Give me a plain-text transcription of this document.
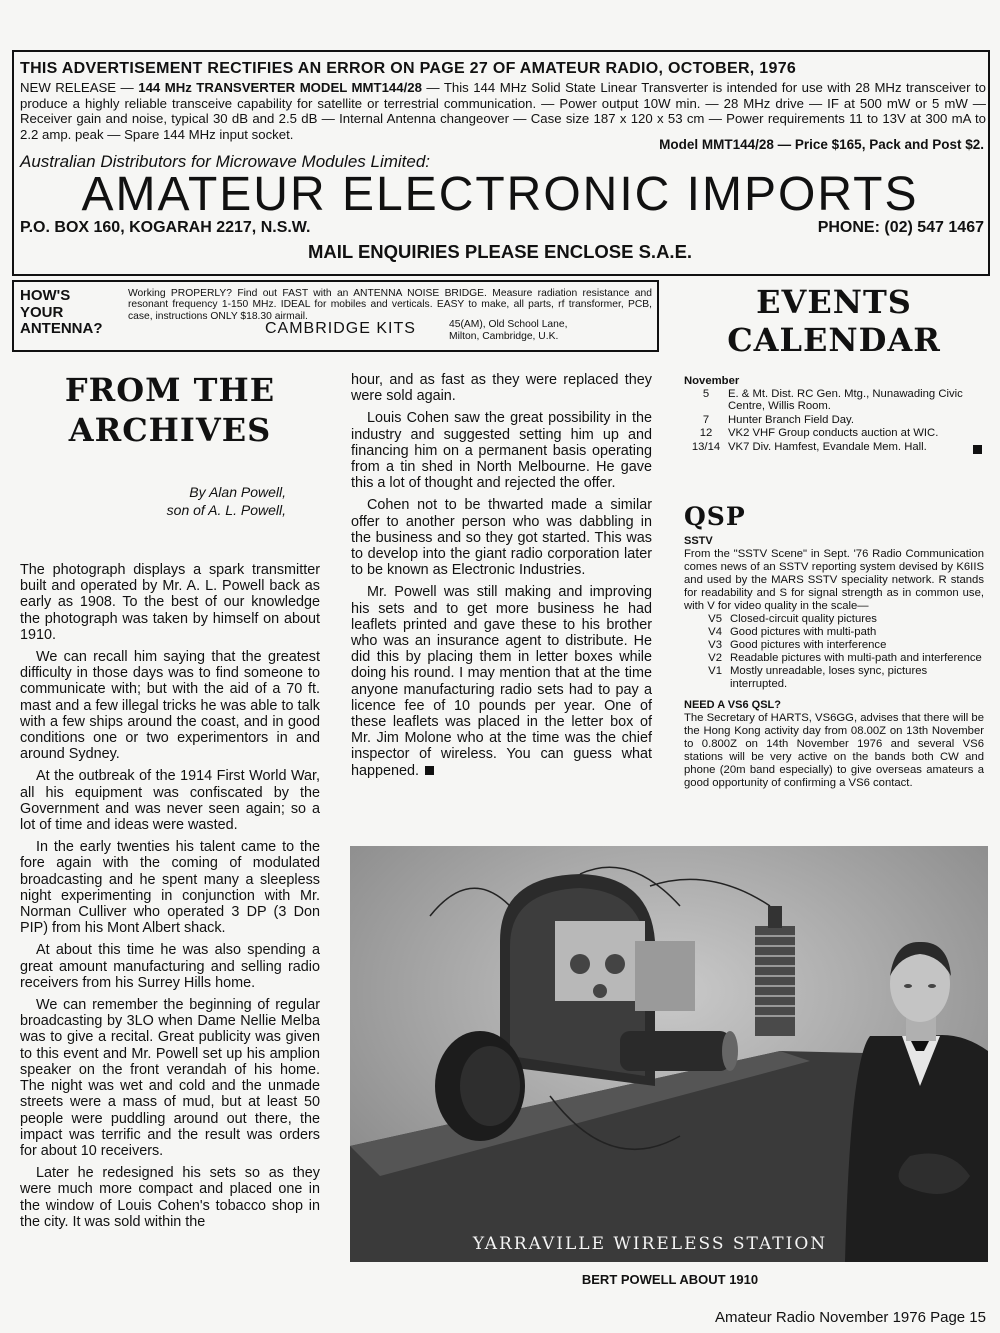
THIS ADVERTISEMENT RECTIFIES AN ERROR ON PAGE 27 OF AMATEUR RADIO, OCTOBER, 1976
NEW RELEASE — 144 MHz TRANSVERTER MODEL MMT144/28 — This 144 MHz Solid State Linear Transverter is intended for use with 28 MHz transceiver to produce a highly reliable transceive capability for satellite or terrestrial communication. — Power output 10W min. — 28 MHz drive — IF at 500 mW or 5 mW — Receiver gain and noise, typical 30 dB and 2.5 dB — Internal Antenna changeover — Case size 187 x 120 x 53 cm — Power requirements 11 to 13V at 300 mA to 2.2 amp. peak — Spare 144 MHz input socket.
Model MMT144/28 — Price $165, Pack and Post $2.
Australian Distributors for Microwave Modules Limited:
AMATEUR ELECTRONIC IMPORTS
P.O. BOX 160, KOGARAH 2217, N.S.W.	PHONE: (02) 547 1467
MAIL ENQUIRIES PLEASE ENCLOSE S.A.E.
HOW'S
YOUR
ANTENNA?
Working PROPERLY? Find out FAST with an ANTENNA NOISE BRIDGE. Measure radiation resistance and resonant frequency 1-150 MHz. IDEAL for mobiles and verticals. EASY to make, all parts, rf transformer, PCB, case, instructions ONLY $18.30 airmail.
CAMBRIDGE KITS	45(AM), Old School Lane,
Milton, Cambridge, U.K.
EVENTS
CALENDAR
FROM THE
ARCHIVES
By Alan Powell,
son of A. L. Powell,

The photograph displays a spark transmitter built and operated by Mr. A. L. Powell back as early as 1908. To the best of our knowledge the photograph was taken by himself on about 1910.

We can recall him saying that the greatest difficulty in those days was to find someone to communicate with; but with the aid of a 70 ft. mast and a few illegal tricks he was able to talk with a few ships around the coast, and in good conditions one or two experimentors in and around Sydney.

At the outbreak of the 1914 First World War, all his equipment was confiscated by the Government and was never seen again; so a lot of time and ideas were wasted.

In the early twenties his talent came to the fore again with the coming of modulated broadcasting and he spent many a sleepless night experimenting in conjunction with Mr. Norman Culliver who operated 3 DP (3 Don PIP) from his Mont Albert shack.

At about this time he was also spending a great amount manufacturing and selling radio receivers from his Surrey Hills home.

We can remember the beginning of regular broadcasting by 3LO when Dame Nellie Melba was to give a recital. Great publicity was given to this event and Mr. Powell set up his amplion speaker on the front verandah of his home. The night was wet and cold and the unmade streets were a mass of mud, but at least 50 people were puddling around out there, the impact was terrific and the result was orders for about 10 receivers.

Later he redesigned his sets so as they were much more compact and placed one in the window of Louis Cohen's tobacco shop in the city. It was sold within the

hour, and as fast as they were replaced they were sold again.

Louis Cohen saw the great possibility in the industry and suggested setting him up and financing him on a permanent basis operating from a tin shed in North Melbourne. He gave this a lot of thought and rejected the offer.

Cohen not to be thwarted made a similar offer to another person who was dabbling in the business and so they got started. This was to develop into the giant radio corporation later to be known as Electronic Industries.

Mr. Powell was still making and improving his sets and to get more business he had leaflets printed and gave these to his brother who was an insurance agent to distribute. He did this by placing them in letter boxes while doing his round. I may mention that at the time anyone manufacturing radio sets had to pay a licence fee of 10 pounds per year. One of these leaflets was placed in the letter box of Mr. Jim Molone who at the time was the chief inspector of wireless. You can guess what happened.

November
5	E. & Mt. Dist. RC Gen. Mtg., Nunawading Civic Centre, Willis Room.
7	Hunter Branch Field Day.
12	VK2 VHF Group conducts auction at WIC.
13/14 VK7 Div. Hamfest, Evandale Mem. Hall.
QSP
SSTV
From the "SSTV Scene" in Sept. '76 Radio Communication comes news of an SSTV reporting system devised by K6IIS and used by the MARS SSTV speciality network. R stands for readability and S for signal strength as in common use, with V for video quality in the scale—
V5 Closed-circuit quality pictures
V4 Good pictures with multi-path
V3 Good pictures with interference
V2 Readable pictures with multi-path and interference
V1 Mostly unreadable, loses sync, pictures interrupted.
NEED A VS6 QSL?
The Secretary of HARTS, VS6GG, advises that there will be the Hong Kong activity day from 08.00Z on 13th November to 0.800Z on 14th November 1976 and several VS6 stations will be very active on the bands both CW and phone (20m band especially) to give overseas amateurs a good opportunity of confirming a VS6 contact.
YARRAVILLE WIRELESS STATION
BERT POWELL ABOUT 1910
Amateur Radio November 1976 Page 15
